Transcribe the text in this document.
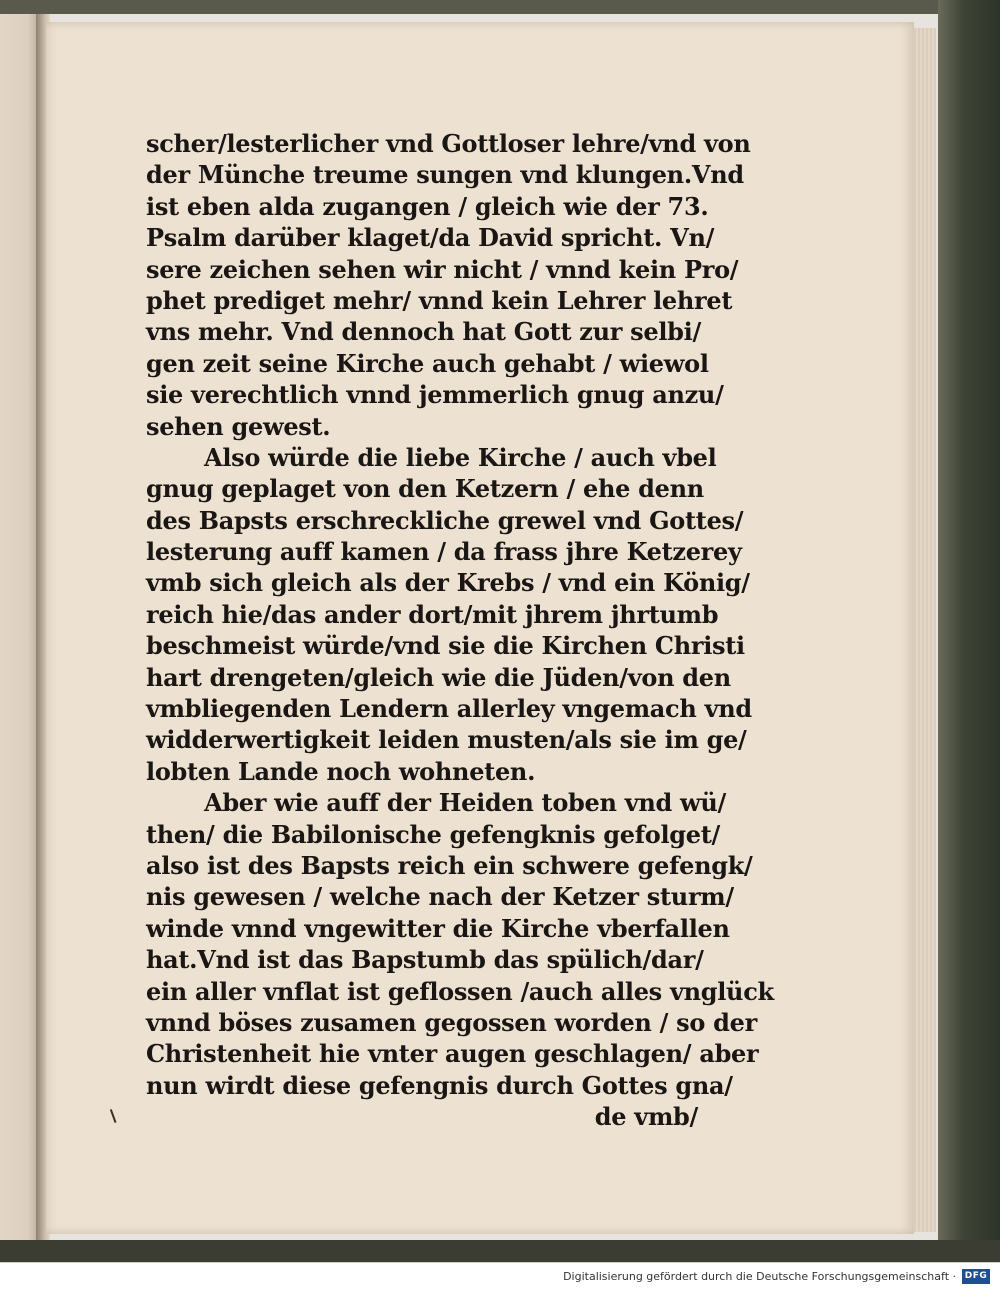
scher/lesterlicher vnd Gottloser lehre/vnd von
der Münche treume sungen vnd klungen.Vnd
ist eben alda zugangen / gleich wie der 73.
Psalm darüber klaget/da David spricht. Vn/
sere zeichen sehen wir nicht / vnnd kein Pro/
phet prediget mehr/ vnnd kein Lehrer lehret
vns mehr. Vnd dennoch hat Gott zur selbi/
gen zeit seine Kirche auch gehabt / wiewol
sie verechtlich vnnd jemmerlich gnug anzu/
sehen gewest.
Also würde die liebe Kirche / auch vbel
gnug geplaget von den Ketzern / ehe denn
des Bapsts erschreckliche grewel vnd Gottes/
lesterung auff kamen / da frass jhre Ketzerey
vmb sich gleich als der Krebs / vnd ein König/
reich hie/das ander dort/mit jhrem jhrtumb
beschmeist würde/vnd sie die Kirchen Christi
hart drengeten/gleich wie die Jüden/von den
vmbliegenden Lendern allerley vngemach vnd
widderwertigkeit leiden musten/als sie im ge/
lobten Lande noch wohneten.
Aber wie auff der Heiden toben vnd wü/
then/ die Babilonische gefengknis gefolget/
also ist des Bapsts reich ein schwere gefengk/
nis gewesen / welche nach der Ketzer sturm/
winde vnnd vngewitter die Kirche vberfallen
hat.Vnd ist das Bapstumb das spülich/dar/
ein aller vnflat ist geflossen /auch alles vnglück
vnnd böses zusamen gegossen worden / so der
Christenheit hie vnter augen geschlagen/ aber
nun wirdt diese gefengnis durch Gottes gna/
de vmb/
Digitalisierung gefördert durch die Deutsche Forschungsgemeinschaft · DFG
